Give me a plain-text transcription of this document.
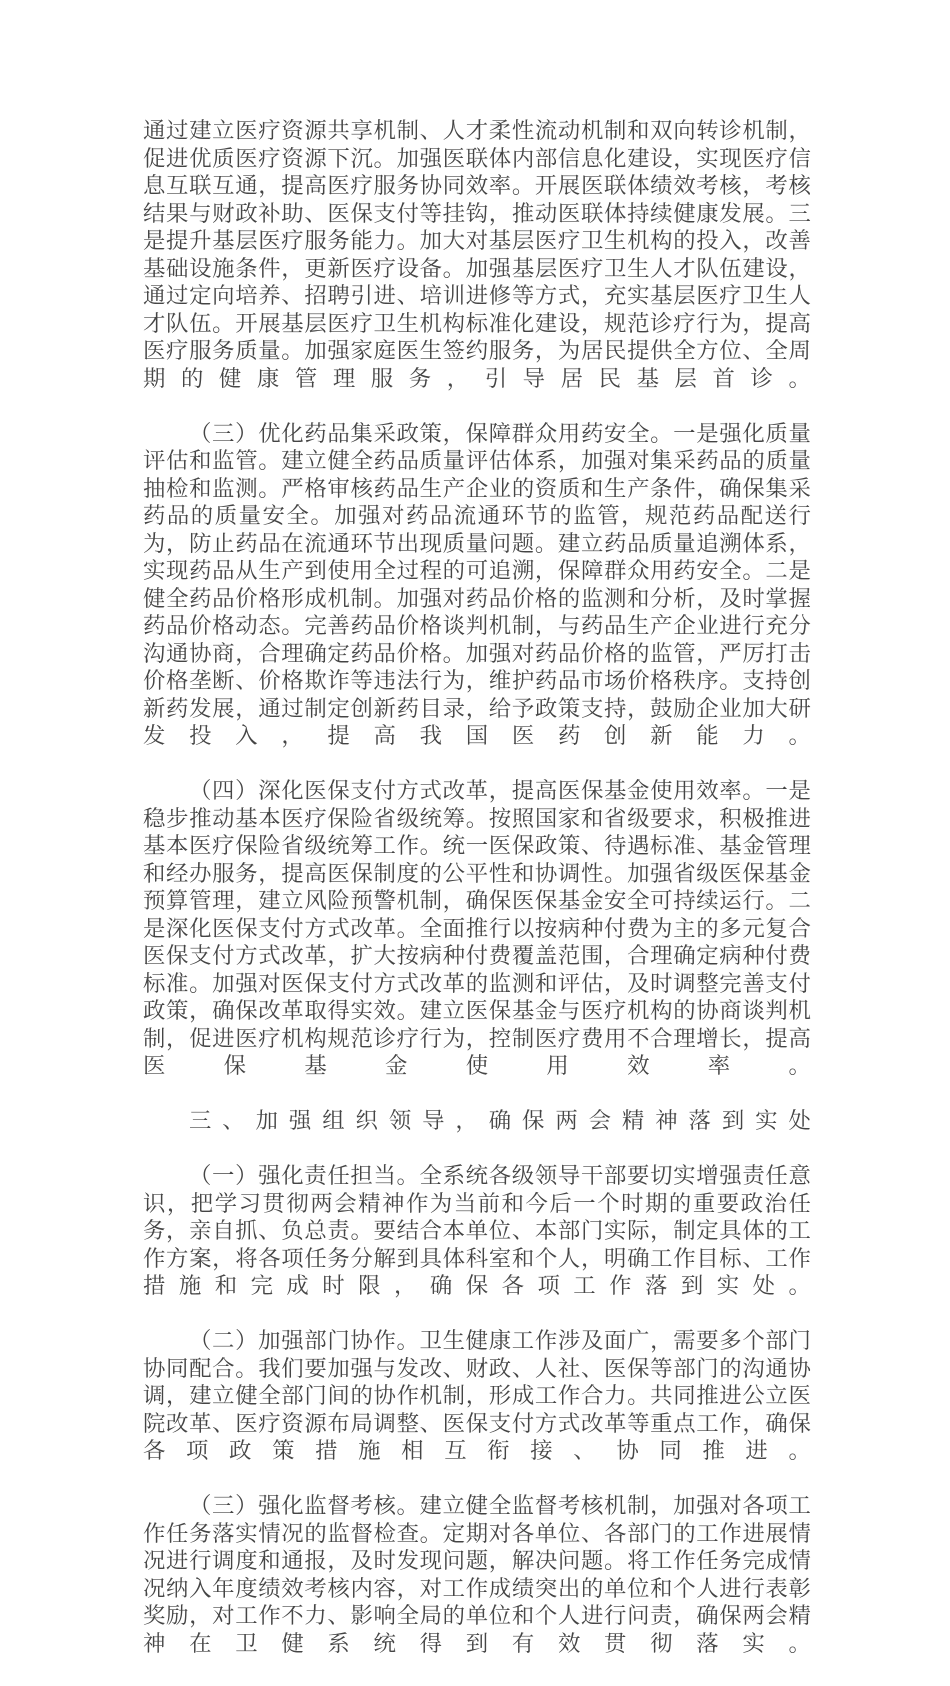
通过建立医疗资源共享机制、人才柔性流动机制和双向转诊机制，促进优质医疗资源下沉。加强医联体内部信息化建设，实现医疗信息互联互通，提高医疗服务协同效率。开展医联体绩效考核，考核结果与财政补助、医保支付等挂钩，推动医联体持续健康发展。三是提升基层医疗服务能力。加大对基层医疗卫生机构的投入，改善基础设施条件，更新医疗设备。加强基层医疗卫生人才队伍建设，通过定向培养、招聘引进、培训进修等方式，充实基层医疗卫生人才队伍。开展基层医疗卫生机构标准化建设，规范诊疗行为，提高医疗服务质量。加强家庭医生签约服务，为居民提供全方位、全周期的健康管理服务，引导居民基层首诊。

（三）优化药品集采政策，保障群众用药安全。一是强化质量评估和监管。建立健全药品质量评估体系，加强对集采药品的质量抽检和监测。严格审核药品生产企业的资质和生产条件，确保集采药品的质量安全。加强对药品流通环节的监管，规范药品配送行为，防止药品在流通环节出现质量问题。建立药品质量追溯体系，实现药品从生产到使用全过程的可追溯，保障群众用药安全。二是健全药品价格形成机制。加强对药品价格的监测和分析，及时掌握药品价格动态。完善药品价格谈判机制，与药品生产企业进行充分沟通协商，合理确定药品价格。加强对药品价格的监管，严厉打击价格垄断、价格欺诈等违法行为，维护药品市场价格秩序。支持创新药发展，通过制定创新药目录，给予政策支持，鼓励企业加大研发投入，提高我国医药创新能力。

（四）深化医保支付方式改革，提高医保基金使用效率。一是稳步推动基本医疗保险省级统筹。按照国家和省级要求，积极推进基本医疗保险省级统筹工作。统一医保政策、待遇标准、基金管理和经办服务，提高医保制度的公平性和协调性。加强省级医保基金预算管理，建立风险预警机制，确保医保基金安全可持续运行。二是深化医保支付方式改革。全面推行以按病种付费为主的多元复合医保支付方式改革，扩大按病种付费覆盖范围，合理确定病种付费标准。加强对医保支付方式改革的监测和评估，及时调整完善支付政策，确保改革取得实效。建立医保基金与医疗机构的协商谈判机制，促进医疗机构规范诊疗行为，控制医疗费用不合理增长，提高医保基金使用效率。

三、加强组织领导，确保两会精神落到实处

（一）强化责任担当。全系统各级领导干部要切实增强责任意识，把学习贯彻两会精神作为当前和今后一个时期的重要政治任务，亲自抓、负总责。要结合本单位、本部门实际，制定具体的工作方案，将各项任务分解到具体科室和个人，明确工作目标、工作措施和完成时限，确保各项工作落到实处。

（二）加强部门协作。卫生健康工作涉及面广，需要多个部门协同配合。我们要加强与发改、财政、人社、医保等部门的沟通协调，建立健全部门间的协作机制，形成工作合力。共同推进公立医院改革、医疗资源布局调整、医保支付方式改革等重点工作，确保各项政策措施相互衔接、协同推进。

（三）强化监督考核。建立健全监督考核机制，加强对各项工作任务落实情况的监督检查。定期对各单位、各部门的工作进展情况进行调度和通报，及时发现问题，解决问题。将工作任务完成情况纳入年度绩效考核内容，对工作成绩突出的单位和个人进行表彰奖励，对工作不力、影响全局的单位和个人进行问责，确保两会精神在卫健系统得到有效贯彻落实。
